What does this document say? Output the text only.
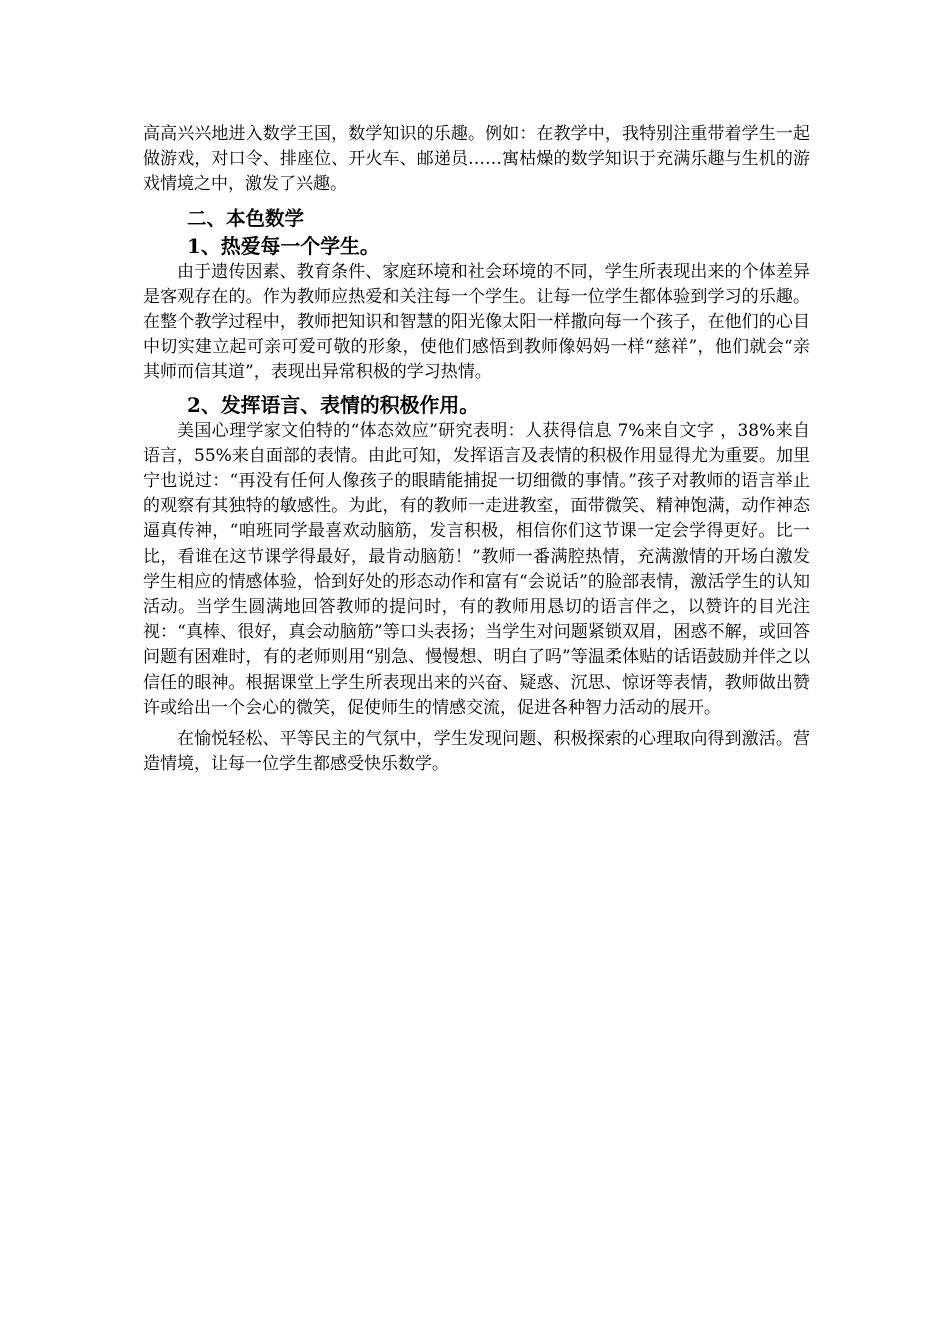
高高兴兴地进入数学王国，数学知识的乐趣。例如：在教学中，我特别注重带着学生一起做游戏，对口令、排座位、开火车、邮递员……寓枯燥的数学知识于充满乐趣与生机的游戏情境之中，激发了兴趣。

二、本色数学
1、热爱每一个学生。

由于遗传因素、教育条件、家庭环境和社会环境的不同，学生所表现出来的个体差异是客观存在的。作为教师应热爱和关注每一个学生。让每一位学生都体验到学习的乐趣。在整个教学过程中，教师把知识和智慧的阳光像太阳一样撒向每一个孩子，在他们的心目中切实建立起可亲可爱可敬的形象，使他们感悟到教师像妈妈一样“慈祥”，他们就会“亲其师而信其道”，表现出异常积极的学习热情。

2、发挥语言、表情的积极作用。

美国心理学家文伯特的“体态效应”研究表明：人获得信息 7%来自文字 ，38%来自语言，55%来自面部的表情。由此可知，发挥语言及表情的积极作用显得尤为重要。加里宁也说过：“再没有任何人像孩子的眼睛能捕捉一切细微的事情。”孩子对教师的语言举止的观察有其独特的敏感性。为此，有的教师一走进教室，面带微笑、精神饱满，动作神态逼真传神，“咱班同学最喜欢动脑筋，发言积极，相信你们这节课一定会学得更好。比一比，看谁在这节课学得最好，最肯动脑筋！”教师一番满腔热情，充满激情的开场白激发学生相应的情感体验，恰到好处的形态动作和富有“会说话”的脸部表情，激活学生的认知活动。当学生圆满地回答教师的提问时，有的教师用恳切的语言伴之，以赞许的目光注视：“真棒、很好，真会动脑筋”等口头表扬；当学生对问题紧锁双眉，困惑不解，或回答问题有困难时，有的老师则用“别急、慢慢想、明白了吗”等温柔体贴的话语鼓励并伴之以信任的眼神。根据课堂上学生所表现出来的兴奋、疑惑、沉思、惊讶等表情，教师做出赞许或给出一个会心的微笑，促使师生的情感交流，促进各种智力活动的展开。

在愉悦轻松、平等民主的气氛中，学生发现问题、积极探索的心理取向得到激活。营造情境，让每一位学生都感受快乐数学。
